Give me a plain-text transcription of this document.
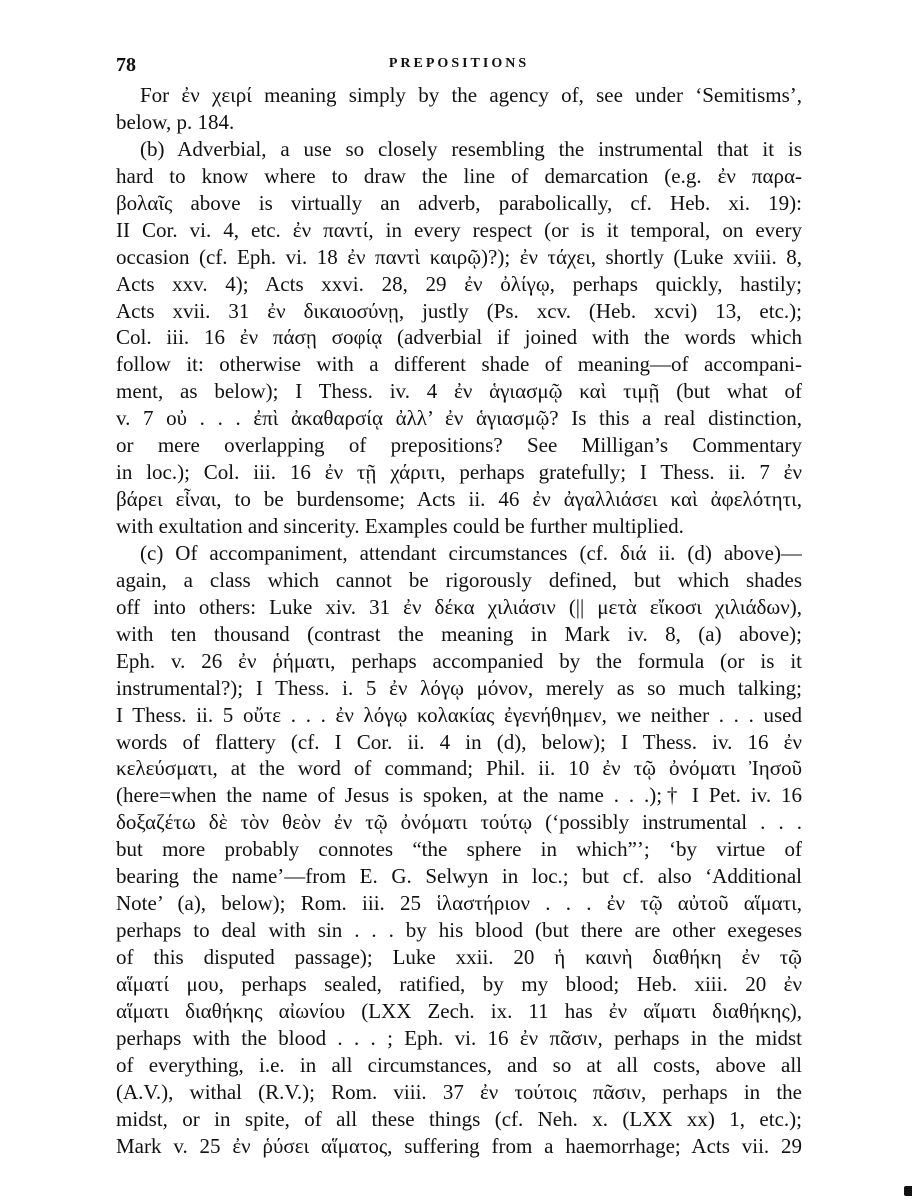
78	PREPOSITIONS
For ἐν χειρί meaning simply by the agency of, see under ‘Semitisms’,
below, p. 184.
(b) Adverbial, a use so closely resembling the instrumental that it is
hard to know where to draw the line of demarcation (e.g. ἐν παρα-
βολαῖς above is virtually an adverb, parabolically, cf. Heb. xi. 19):
II Cor. vi. 4, etc. ἐν παντί, in every respect (or is it temporal, on every
occasion (cf. Eph. vi. 18 ἐν παντὶ καιρῷ)?); ἐν τάχει, shortly (Luke xviii. 8,
Acts xxv. 4); Acts xxvi. 28, 29 ἐν ὀλίγῳ, perhaps quickly, hastily;
Acts xvii. 31 ἐν δικαιοσύνῃ, justly (Ps. xcv. (Heb. xcvi) 13, etc.);
Col. iii. 16 ἐν πάσῃ σοφίᾳ (adverbial if joined with the words which
follow it: otherwise with a different shade of meaning—of accompani-
ment, as below); I Thess. iv. 4 ἐν ἁγιασμῷ καὶ τιμῇ (but what of
v. 7 οὐ . . . ἐπὶ ἀκαθαρσίᾳ ἀλλ’ ἐν ἁγιασμῷ? Is this a real distinction,
or mere overlapping of prepositions? See Milligan’s Commentary
in loc.); Col. iii. 16 ἐν τῇ χάριτι, perhaps gratefully; I Thess. ii. 7 ἐν
βάρει εἶναι, to be burdensome; Acts ii. 46 ἐν ἀγαλλιάσει καὶ ἀφελότητι,
with exultation and sincerity. Examples could be further multiplied.
(c) Of accompaniment, attendant circumstances (cf. διά ii. (d) above)—
again, a class which cannot be rigorously defined, but which shades
off into others: Luke xiv. 31 ἐν δέκα χιλιάσιν (|| μετὰ εἴκοσι χιλιάδων),
with ten thousand (contrast the meaning in Mark iv. 8, (a) above);
Eph. v. 26 ἐν ῥήματι, perhaps accompanied by the formula (or is it
instrumental?); I Thess. i. 5 ἐν λόγῳ μόνον, merely as so much talking;
I Thess. ii. 5 οὔτε . . . ἐν λόγῳ κολακίας ἐγενήθημεν, we neither . . . used
words of flattery (cf. I Cor. ii. 4 in (d), below); I Thess. iv. 16 ἐν
κελεύσματι, at the word of command; Phil. ii. 10 ἐν τῷ ὀνόματι Ἰησοῦ
(here=when the name of Jesus is spoken, at the name . . .);† I Pet. iv. 16
δοξαζέτω δὲ τὸν θεὸν ἐν τῷ ὀνόματι τούτῳ (‘possibly instrumental . . .
but more probably connotes “the sphere in which”’; ‘by virtue of
bearing the name’—from E. G. Selwyn in loc.; but cf. also ‘Additional
Note’ (a), below); Rom. iii. 25 ἱλαστήριον . . . ἐν τῷ αὐτοῦ αἵματι,
perhaps to deal with sin . . . by his blood (but there are other exegeses
of this disputed passage); Luke xxii. 20 ἡ καινὴ διαθήκη ἐν τῷ
αἵματί μου, perhaps sealed, ratified, by my blood; Heb. xiii. 20 ἐν
αἵματι διαθήκης αἰωνίου (LXX Zech. ix. 11 has ἐν αἵματι διαθήκης),
perhaps with the blood . . . ; Eph. vi. 16 ἐν πᾶσιν, perhaps in the midst
of everything, i.e. in all circumstances, and so at all costs, above all
(A.V.), withal (R.V.); Rom. viii. 37 ἐν τούτοις πᾶσιν, perhaps in the
midst, or in spite, of all these things (cf. Neh. x. (LXX xx) 1, etc.);
Mark v. 25 ἐν ῥύσει αἵματος, suffering from a haemorrhage; Acts vii. 29
